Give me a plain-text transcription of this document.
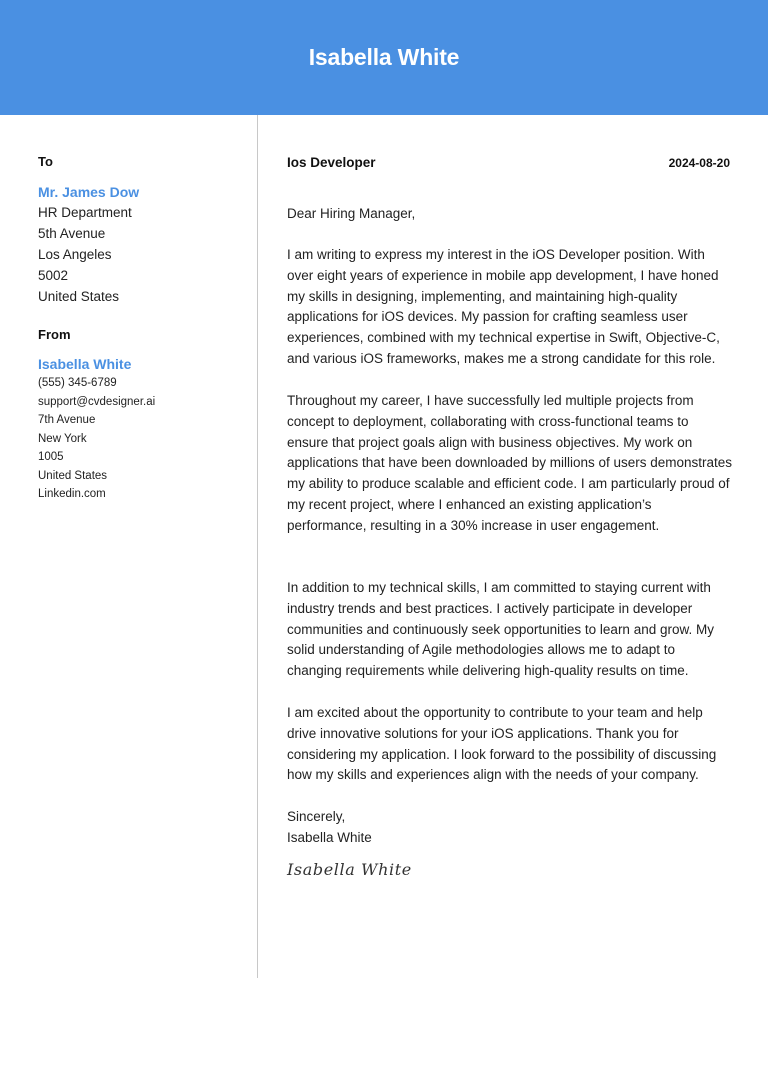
Isabella White
To
Mr. James Dow
HR Department
5th Avenue
Los Angeles
5002
United States
From
Isabella White
(555) 345-6789
support@cvdesigner.ai
7th Avenue
New York
1005
United States
Linkedin.com
Ios Developer	2024-08-20
Dear Hiring Manager,
I am writing to express my interest in the iOS Developer position. With over eight years of experience in mobile app development, I have honed my skills in designing, implementing, and maintaining high-quality applications for iOS devices. My passion for crafting seamless user experiences, combined with my technical expertise in Swift, Objective-C, and various iOS frameworks, makes me a strong candidate for this role.
Throughout my career, I have successfully led multiple projects from concept to deployment, collaborating with cross-functional teams to ensure that project goals align with business objectives. My work on applications that have been downloaded by millions of users demonstrates my ability to produce scalable and efficient code. I am particularly proud of my recent project, where I enhanced an existing application’s performance, resulting in a 30% increase in user engagement.
In addition to my technical skills, I am committed to staying current with industry trends and best practices. I actively participate in developer communities and continuously seek opportunities to learn and grow. My solid understanding of Agile methodologies allows me to adapt to changing requirements while delivering high-quality results on time.
I am excited about the opportunity to contribute to your team and help drive innovative solutions for your iOS applications. Thank you for considering my application. I look forward to the possibility of discussing how my skills and experiences align with the needs of your company.
Sincerely,
Isabella White
Isabella White
